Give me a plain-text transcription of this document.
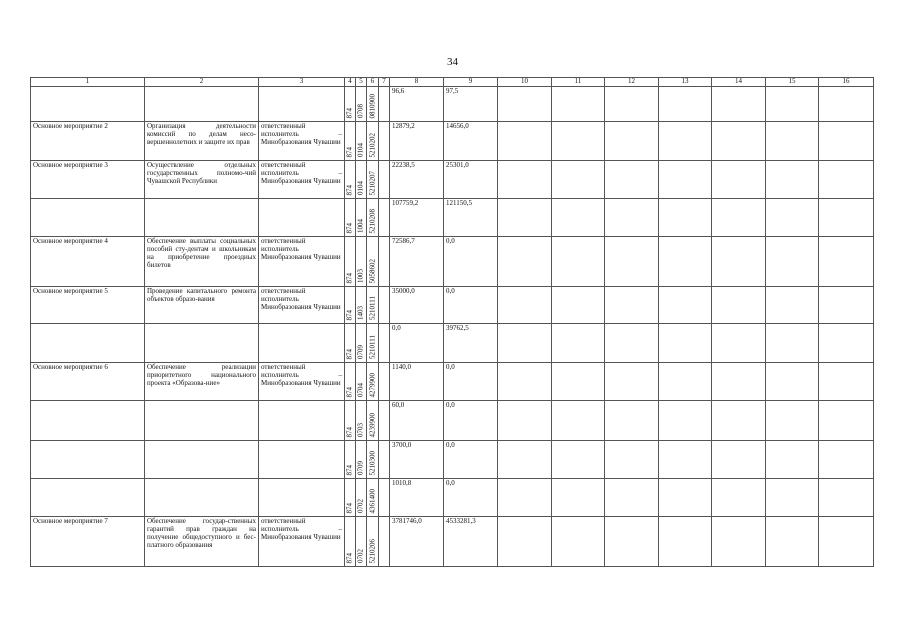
34
1	2	3	4	5	6	7	8	9	10	11	12	13	14	15	16

			874	0708	0810900		96,6	97,5							
Основное мероприятие 2	Организация деятельности комиссий по делам несо-вершеннолетних и защите их прав	ответственный исполнитель – Минобразования Чувашии	874	0104	5210202		12879,2	14656,0							
Основное мероприятие 3	Осуществление отдельных государственных полномо-чий Чувашской Республики	ответственный исполнитель – Минобразования Чувашии	874	0104	5210207		22238,5	25301,0							

			874	1004	5210208		107759,2	121150,5							
Основное мероприятие 4	Обеспечение выплаты социальных пособий сту-дентам и школьникам на приобретение проездных билетов	ответственный исполнитель Минобразования Чувашии	874	1003	5058602		72586,7	0,0							
Основное мероприятие 5	Проведение капитального ремонта объектов образо-вания	ответственный исполнитель Минобразования Чувашии	874	1403	5210111		35000,0	0,0							

			874	0709	5210111		0,0	39762,5							
Основное мероприятие 6	Обеспечение реализации приоритетного национального проекта «Образова-ние»	ответственный исполнитель – Минобразования Чувашии	874	0704	4279900		1140,0	0,0							

			874	0703	4239900		60,0	0,0							

			874	0709	5210300		3700,0	0,0							

			874	0702	4361400		1010,8	0,0							
Основное мероприятие 7	Обеспечение государ-ственных гарантий прав граждан на получение общедоступного и бес-платного образования	ответственный исполнитель – Минобразования Чувашии	874	0702	5210206		3781746,0	4533281,3							
